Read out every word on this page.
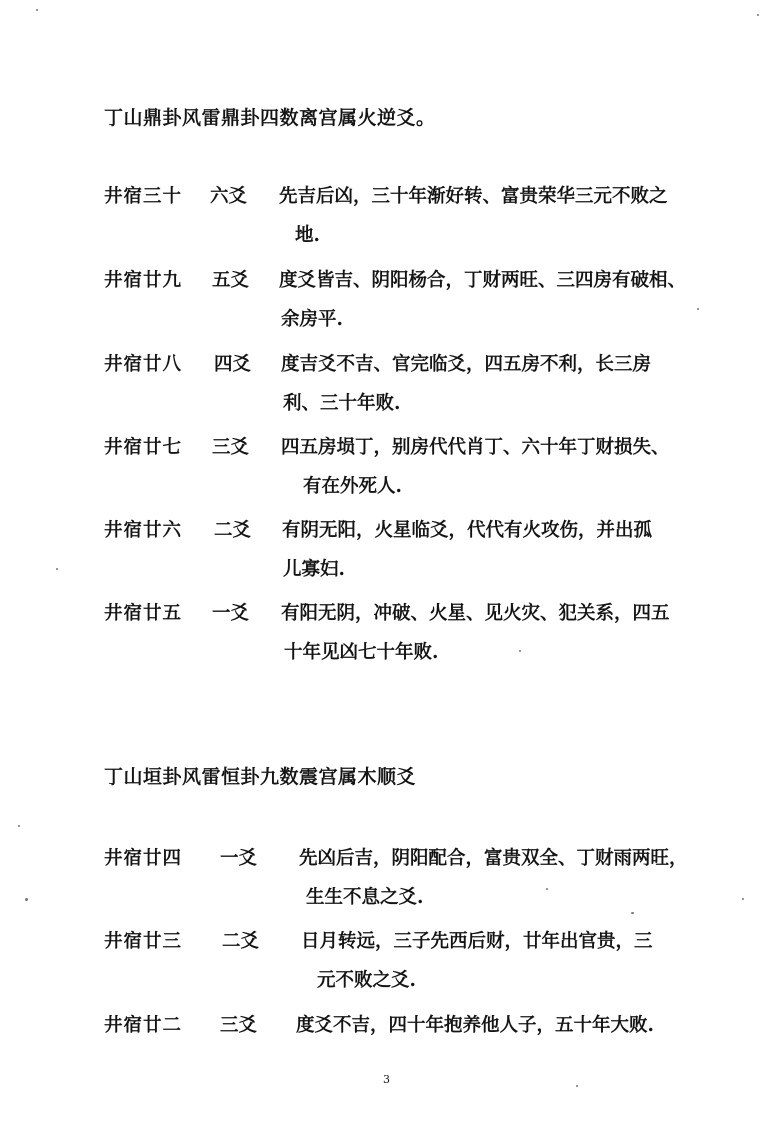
丁山鼎卦风雷鼎卦四数离宫属火逆爻。
井宿三十 六爻 先吉后凶，三十年渐好转、富贵荣华三元不败之
地.
井宿廿九 五爻 度爻皆吉、阴阳杨合，丁财两旺、三四房有破相、
余房平.
井宿廿八 四爻 度吉爻不吉、官完临爻，四五房不利，长三房
利、三十年败.
井宿廿七 三爻 四五房埙丁，别房代代肖丁、六十年丁财损失、
有在外死人.
井宿廿六 二爻 有阴无阳，火星临爻，代代有火攻伤，并出孤
儿寡妇.
井宿廿五 一爻 有阳无阴，冲破、火星、见火灾、犯关系，四五
十年见凶七十年败.
丁山垣卦风雷恒卦九数震宫属木顺爻
井宿廿四 一爻 先凶后吉，阴阳配合，富贵双全、丁财雨两旺，
生生不息之爻.
井宿廿三 二爻 日月转远，三子先西后财，廿年出官贵，三
元不败之爻.
井宿廿二 三爻 度爻不吉，四十年抱养他人子，五十年大败.
3
